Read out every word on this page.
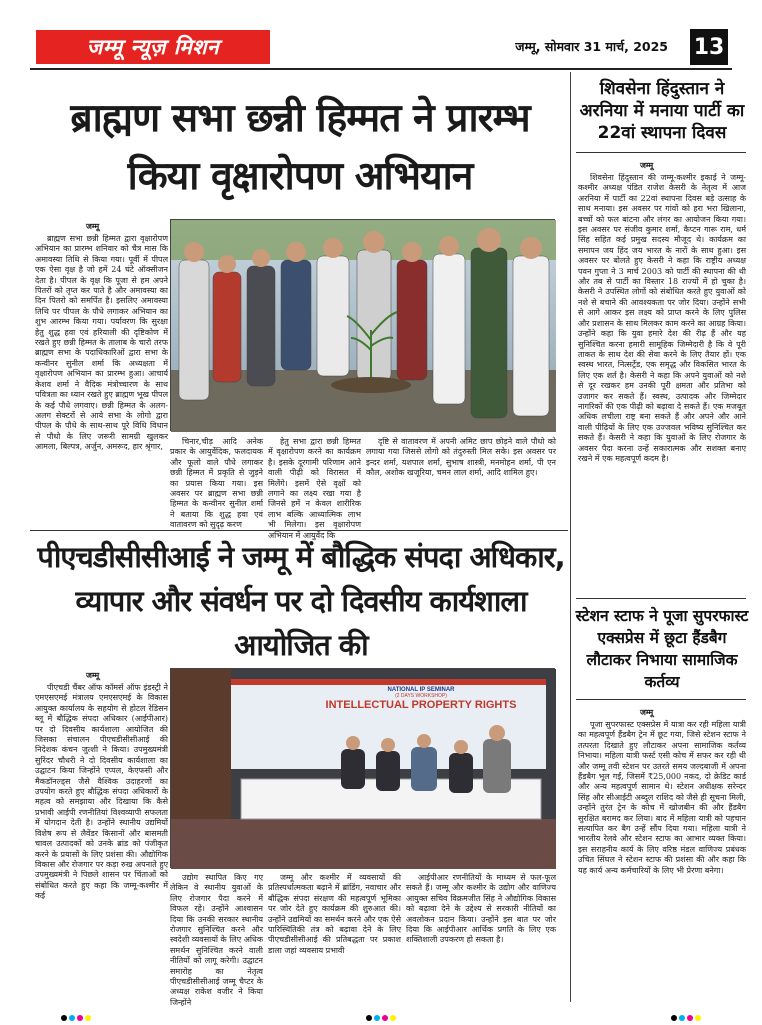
जम्मू न्यूज़ मिशन	जम्मू, सोमवार 31 मार्च, 2025 13
ब्राह्मण सभा छन्नी हिम्मत ने प्रारम्भ किया वृक्षारोपण अभियान
जम्मू

ब्राह्मण सभा छन्नी हिम्मत द्वारा वृक्षारोपण अभियान का प्रारम्भ शनिवार को चैत्र मास कि अमावस्या तिथि से किया गया। पूर्वी में पीपल एक ऐसा वृक्ष है जो हमें 24 घंटे ऑक्सीजन देता है। पीपल के वृक्ष कि पूजा से हम अपने पितरों को तृप्त कर पाते है और अमावस्या का दिन पितरो को समर्पित है। इसलिए अमावस्या तिथि पर पीपल के पौधे लगाकर अभियान का शुभ आरम्भ किया गया। पर्यावरण कि सुरक्षा हेतु शुद्ध हवा एवं हरियाली की दृष्टिकोण में रखते हुए छन्नी हिम्मत के तालाब के चारो तरफ ब्राह्मण सभा के पदाधिकारिओं द्वारा सभा के कन्वीनर सुनील शर्मा कि अध्यक्षता में वृक्षारोपण अभियान का प्रारम्भ हुआ। आचार्य केशव शर्मा ने वैदिक मंत्रोच्चारण के साथ पवित्रता का ध्यान रखते हुए ब्राह्मण भूख पीपल के कई पौधे लगवाए। छन्नी हिम्मत के अलग-अलग सेक्टरों से आये सभा के लोगो द्वारा पीपल के पौधे के साथ-साथ पूरे विधि विधान से पौधो के लिए जरूरी सामग्री खुलकर आमला, बिल्पत्र, अर्जुन, अमरूद, हार श्रृंगार,

चिनार,चीड़ आदि अनेक प्रकार के आयुर्वेदिक, फलदायक और फूलो वाले पौधे लगाकर छन्नी हिम्मत में प्रकृति से जुड़ने का प्रयास किया गया। इस अवसर पर ब्राह्मण सभा छन्नी हिम्मत के कन्वीनर सुनील शर्मा ने बताया कि शुद्ध हवा एवं वातावरण को सुदृढ़ करण

हेतु सभा द्वारा छन्नी हिम्मत में वृक्षारोपण करने का कार्यक्रम है। इसके दूरगामी परिणाम आने वाली पीढ़ी को विरासत में मिलेंगे। इसमें ऐसे वृक्षों को लगाने का लक्ष्य रखा गया है जिनसे हमें न केवल शारीरिक लाभ बल्कि आध्यात्मिक लाभ भी मिलेगा। इस वृक्षारोपण अभियान में आयुर्वेद कि

दृष्टि से वातावरण में अपनी अमिट छाप छोड़ने वाले पौधो को लगाया गया जिससे लोगो को तंदुरुस्ती मिल सके। इस अवसर पर इन्दर शर्मा, यशपाल शर्मा, सुभाष शास्त्री, मनमोहन शर्मा, पी एन कौल, अशोक खजूरिया, चमन लाल शर्मा, आदि शामिल हुए।

पीएचडीसीसीआई ने जम्मू में बौद्धिक संपदा अधिकार, व्यापार और संवर्धन पर दो दिवसीय कार्यशाला आयोजित की
जम्मू

पीएचडी चैंबर ऑफ कॉमर्स ऑफ इंडस्ट्री ने एमएसएमई मंत्रालय एमएसएमई के विकास आयुक्त कार्यालय के सहयोग से होटल रेडिसन ब्लू में बौद्धिक संपदा अधिकार (आईपीआर) पर दो दिवसीय कार्यशाला आयोजित की जिसका संचालन पीएचडीसीसीआई की निदेशक कंचन जुत्शी ने किया। उपमुख्यमंत्री सुरिंदर चौधरी ने दो दिवसीय कार्यशाला का उद्घाटन किया जिन्होंने एप्पल, केएफसी और मैकडॉनल्ड्स जैसे वैश्विक उदाहरणों का उपयोग करते हुए बौद्धिक संपदा अधिकारों के महत्व को समझाया और दिखाया कि कैसे प्रभावी आईपी रणनीतियां विश्वव्यापी सफलता में योगदान देती है। उन्होंने स्थानीय उद्यमियों विशेष रूप से लैवेंडर किसानों और बासमती चावल उत्पादकों को उनके ब्रांड को पंजीकृत करने के प्रयासों के लिए प्रशंसा की। औद्योगिक विकास और रोजगार पर कड़ा रुख अपनाते हुए उपमुख्यमंत्री ने पिछले शासन पर चिंताओं को संबोधित करते हुए कहा कि जम्मू-कश्मीर में कई

NATIONAL IP SEMINAR
(2 DAYS WORKSHOP)
INTELLECTUAL PROPERTY RIGHTS

उद्योग स्थापित किए गए लेकिन वे स्थानीय युवाओं के लिए रोजगार पैदा करने में विफल रहे। उन्होंने आश्वासन दिया कि उनकी सरकार स्थानीय रोजगार सुनिश्चित करने और स्वदेशी व्यवसायों के लिए अधिक समर्थन सुनिश्चित करने वाली नीतियों को लागू करेगी। उद्घाटन समारोह का नेतृत्व पीएचडीसीसीआई जम्मू चैप्टर के अध्यक्ष राकेश वजीर ने किया जिन्होंने

जम्मू और कश्मीर में व्यवसायों की प्रतिस्पर्धात्मकता बढ़ाने में ब्रांडिंग, नवाचार और बौद्धिक संपदा संरक्षण की महत्वपूर्ण भूमिका पर जोर देते हुए कार्यक्रम की शुरुआत की। उन्होंने उद्यमियों का समर्थन करने और एक ऐसे पारिस्थितिकी तंत्र को बढ़ावा देने के लिए पीएचडीसीसीआई की प्रतिबद्धता पर प्रकाश डाला जहां व्यवसाय प्रभावी

आईपीआर रणनीतियों के माध्यम से फल-फूल सकते हैं। जम्मू और कश्मीर के उद्योग और वाणिज्य आयुक्त सचिव विक्रमजीत सिंह ने औद्योगिक विकास को बढ़ावा देने के उद्देश्य से सरकारी नीतियों का अवलोकन प्रदान किया। उन्होंने इस बात पर जोर दिया कि आईपीआर आर्थिक प्रगति के लिए एक शक्तिशाली उपकरण हो सकता है।

शिवसेना हिंदुस्तान ने अरनिया में मनाया पार्टी का 22वां स्थापना दिवस
जम्मू

शिवसेना हिंदुस्तान की जम्मू-कश्मीर इकाई ने जम्मू-कश्मीर अध्यक्ष पंडित राजेश केसरी के नेतृत्व में आज अरनिया में पार्टी का 22वां स्थापना दिवस बड़े उत्साह के साथ मनाया। इस अवसर पर गांवों को हरा भरा खिलाना, बच्चों को फल बांटना और लंगर का आयोजन किया गया। इस अवसर पर संजीव कुमार शर्मा, कैप्टन गारू राम, धर्म सिंह सहित कई प्रमुख सदस्य मौजूद थे। कार्यक्रम का समापन जय हिंद जय भारत के नारों के साथ हुआ। इस अवसर पर बोलते हुए केसरी ने कहा कि राष्ट्रीय अध्यक्ष पवन गुप्ता ने 3 मार्च 2003 को पार्टी की स्थापना की थी और तब से पार्टी का विस्तार 18 राज्यों में हो चुका है। केसरी ने उपस्थित लोगों को संबोधित करते हुए युवाओं को नशे से बचाने की आवश्यकता पर जोर दिया। उन्होंने सभी से आगे आकर इस लक्ष्य को प्राप्त करने के लिए पुलिस और प्रशासन के साथ मिलकर काम करने का आग्रह किया। उन्होंने कहा कि युवा हमारे देश की रीढ़ हैं और यह सुनिश्चित करना हमारी सामूहिक जिम्मेदारी है कि वे पूरी ताकत के साथ देश की सेवा करने के लिए तैयार हों। एक स्वस्थ भारत, नित्सर्ट्रेड, एक समृद्ध और विकसित भारत के लिए एक शर्त है। केसरी ने कहा कि अपने युवाओं को नशे से दूर रखकर हम उनकी पूरी क्षमता और प्रतिभा को उजागर कर सकते हैं। स्वस्थ, उत्पादक और जिम्मेदार नागरिकों की एक पीढ़ी को बढ़ावा दे सकते हैं। एक मजबूत अधिक लचीला राष्ट्र बना सकते हैं और अपने और आने वाली पीढ़ियों के लिए एक उज्जवल भविष्य सुनिश्चित कर सकते हैं। केसरी ने कहा कि युवाओं के लिए रोजगार के अवसर पैदा करना उन्हें सकारात्मक और सशक्त बनाए रखने में एक महत्वपूर्ण कदम है।

स्टेशन स्टाफ ने पूजा सुपरफास्ट एक्सप्रेस में छूटा हैंडबैग लौटाकर निभाया सामाजिक कर्तव्य
जम्मू

पूजा सुपरफास्ट एक्सप्रेस में यात्रा कर रही महिला यात्री का महत्वपूर्ण हैंडबैग ट्रेन में छूट गया, जिसे स्टेशन स्टाफ ने तत्परता दिखाते हुए लौटाकर अपना सामाजिक कर्तव्य निभाया। महिला यात्री फर्स्ट एसी कोच में सफर कर रही थी और जम्मू तवी स्टेशन पर उतरते समय जल्दबाजी में अपना हैंडबैग भूल गईं, जिसमें ₹25,000 नकद, दो क्रेडिट कार्ड और अन्य महत्वपूर्ण सामान थे। स्टेशन अधीक्षक सरेन्दर सिंह और सीआईटी अब्दुल राशिद को जैसे ही सूचना मिली, उन्होंने तुरंत ट्रेन के कोच में खोजबीन की और हैंडबैग सुरक्षित बरामद कर लिया। बाद में महिला यात्री को पहचान सत्यापित कर बैग उन्हें सौंप दिया गया। महिला यात्री ने भारतीय रेलवे और स्टेशन स्टाफ का आभार व्यक्त किया। इस सराहनीय कार्य के लिए वरिष्ठ मंडल वाणिज्य प्रबंधक उचित सिंघल ने स्टेशन स्टाफ की प्रशंसा की और कहा कि यह कार्य अन्य कर्मचारियों के लिए भी प्रेरणा बनेगा।
